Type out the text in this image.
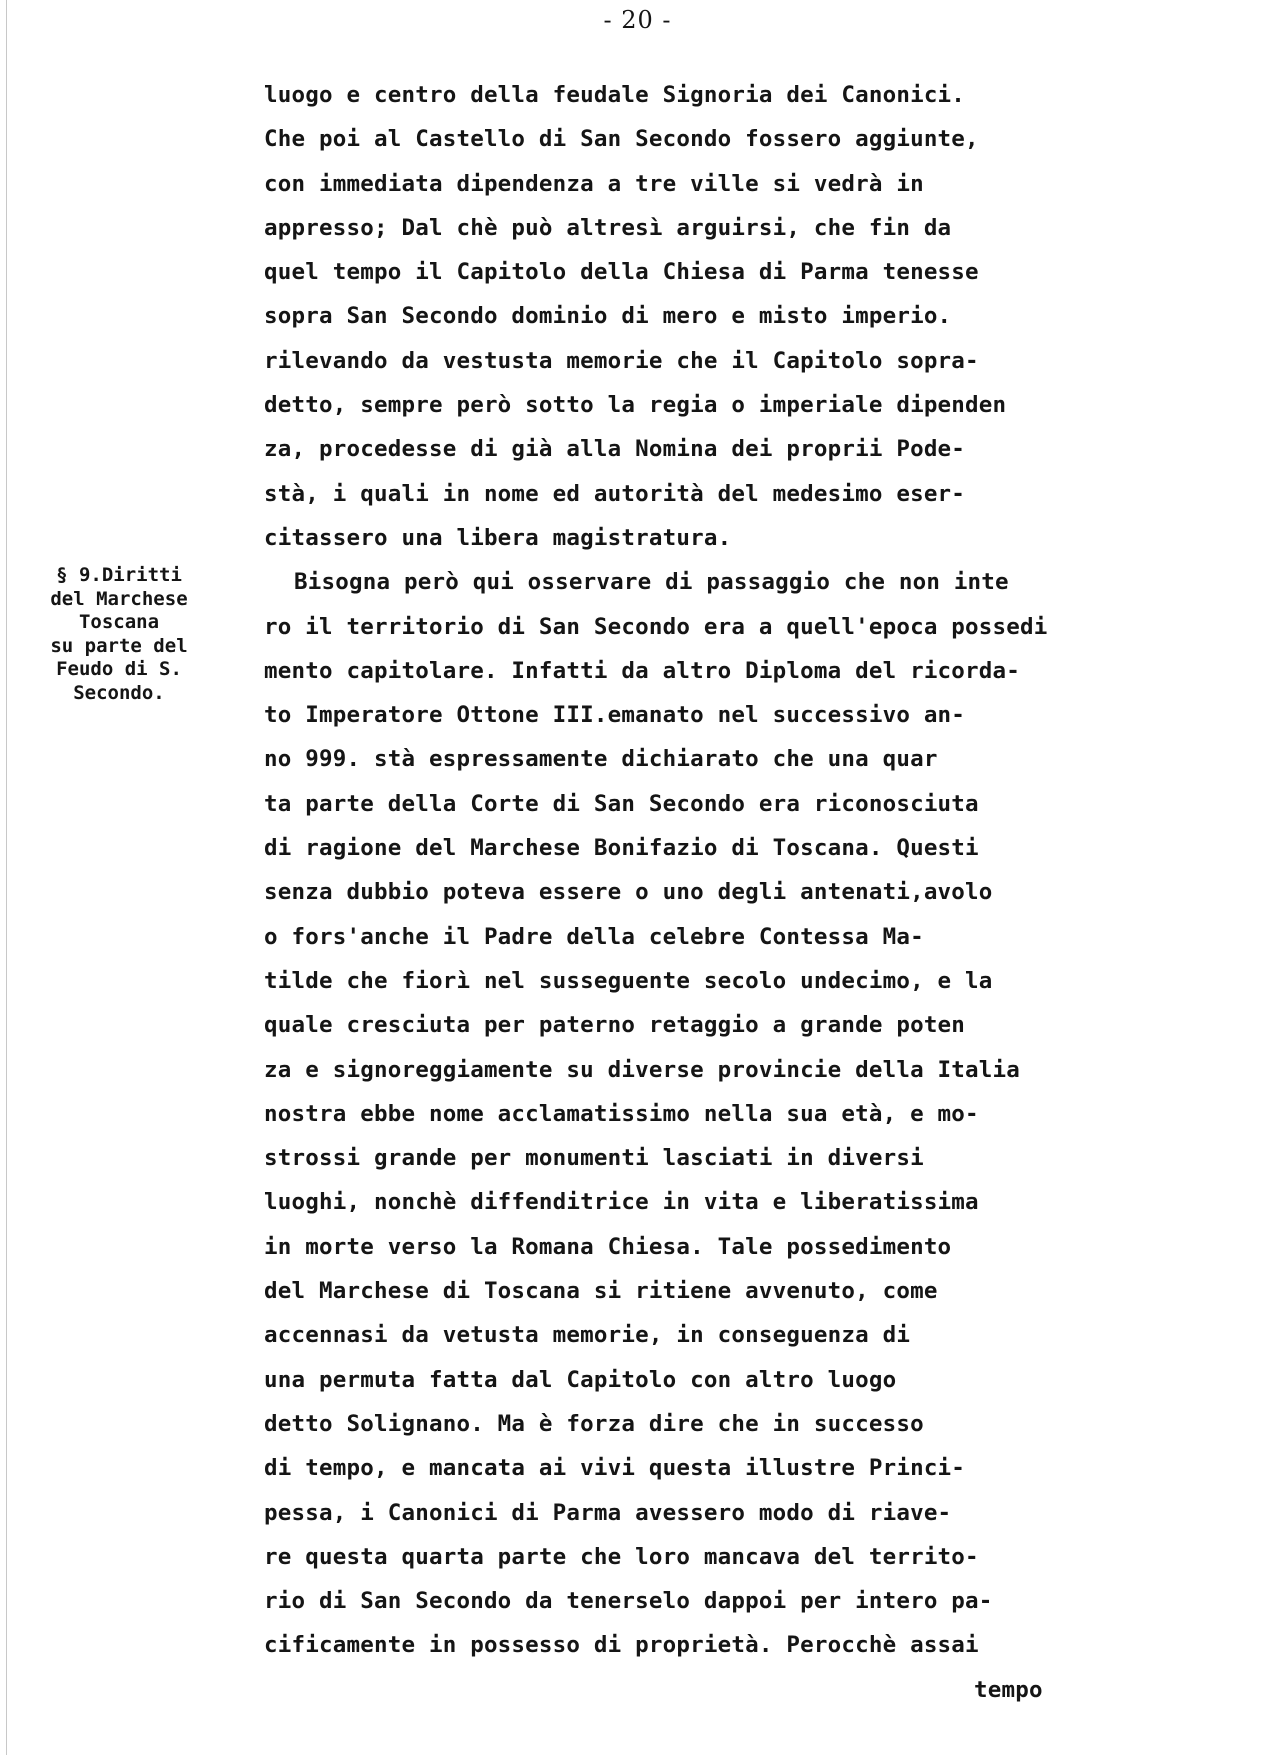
- 20 -
§ 9.Diritti
del Marchese
Toscana
su parte del
Feudo di S.
Secondo.
luogo e centro della feudale Signoria dei Canonici.
Che poi al Castello di San Secondo fossero aggiunte,
con immediata dipendenza a tre ville si vedrà in
appresso; Dal chè può altresì arguirsi, che fin da
quel tempo il Capitolo della Chiesa di Parma tenesse
sopra San Secondo dominio di mero e misto imperio.
rilevando da vestusta memorie che il Capitolo sopra-
detto, sempre però sotto la regia o imperiale dipenden
za, procedesse di già alla Nomina dei proprii Pode-
stà, i quali in nome ed autorità del medesimo eser-
citassero una libera magistratura.
Bisogna però qui osservare di passaggio che non inte
ro il territorio di San Secondo era a quell'epoca possedi
mento capitolare. Infatti da altro Diploma del ricorda-
to Imperatore Ottone III.emanato nel successivo an-
no 999. stà espressamente dichiarato che una quar
ta parte della Corte di San Secondo era riconosciuta
di ragione del Marchese Bonifazio di Toscana. Questi
senza dubbio poteva essere o uno degli antenati,avolo
o fors'anche il Padre della celebre Contessa Ma-
tilde che fiorì nel susseguente secolo undecimo, e la
quale cresciuta per paterno retaggio a grande poten
za e signoreggiamente su diverse provincie della Italia
nostra ebbe nome acclamatissimo nella sua età, e mo-
strossi grande per monumenti lasciati in diversi
luoghi, nonchè diffenditrice in vita e liberatissima
in morte verso la Romana Chiesa. Tale possedimento
del Marchese di Toscana si ritiene avvenuto, come
accennasi da vetusta memorie, in conseguenza di
una permuta fatta dal Capitolo con altro luogo
detto Solignano. Ma è forza dire che in successo
di tempo, e mancata ai vivi questa illustre Princi-
pessa, i Canonici di Parma avessero modo di riave-
re questa quarta parte che loro mancava del territo-
rio di San Secondo da tenerselo dappoi per intero pa-
cificamente in possesso di proprietà. Perocchè assai
tempo
